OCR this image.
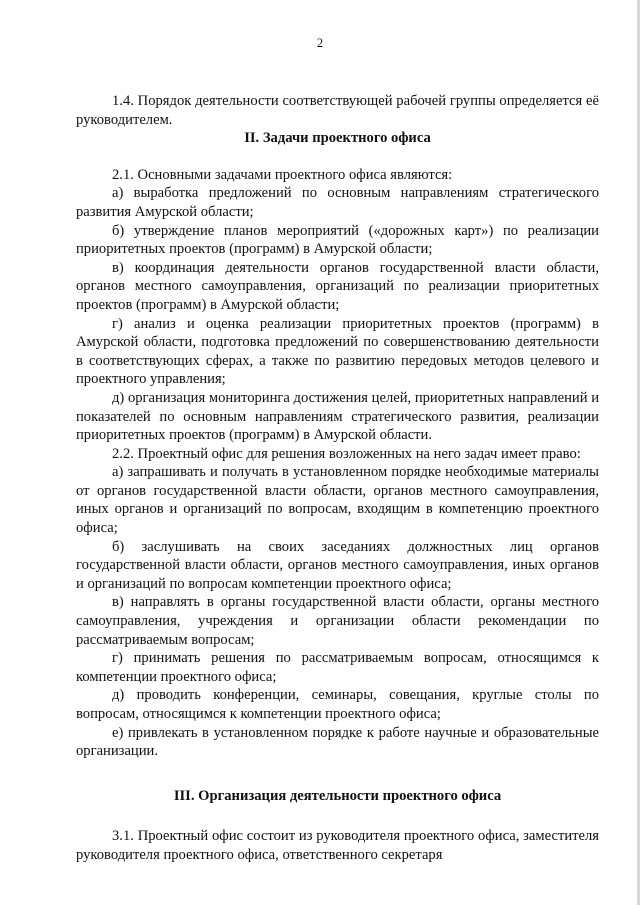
2

1.4. Порядок деятельности соответствующей рабочей группы определяется её руководителем.

II. Задачи проектного офиса

2.1. Основными задачами проектного офиса являются:

а) выработка предложений по основным направлениям стратегического развития Амурской области;

б) утверждение планов мероприятий («дорожных карт») по реализации приоритетных проектов (программ) в Амурской области;

в) координация деятельности органов государственной власти области, органов местного самоуправления, организаций по реализации приоритетных проектов (программ) в Амурской области;

г) анализ и оценка реализации приоритетных проектов (программ) в Амурской области, подготовка предложений по совершенствованию деятельности в соответствующих сферах, а также по развитию передовых методов целевого и проектного управления;

д) организация мониторинга достижения целей, приоритетных направлений и показателей по основным направлениям стратегического развития, реализации приоритетных проектов (программ) в Амурской области.

2.2. Проектный офис для решения возложенных на него задач имеет право:

а) запрашивать и получать в установленном порядке необходимые материалы от органов государственной власти области, органов местного самоуправления, иных органов и организаций по вопросам, входящим в компетенцию проектного офиса;

б) заслушивать на своих заседаниях должностных лиц органов государственной власти области, органов местного самоуправления, иных органов и организаций по вопросам компетенции проектного офиса;

в) направлять в органы государственной власти области, органы местного самоуправления, учреждения и организации области рекомендации по рассматриваемым вопросам;

г) принимать решения по рассматриваемым вопросам, относящимся к компетенции проектного офиса;

д) проводить конференции, семинары, совещания, круглые столы по вопросам, относящимся к компетенции проектного офиса;

е) привлекать в установленном порядке к работе научные и образовательные организации.

III. Организация деятельности проектного офиса

3.1. Проектный офис состоит из руководителя проектного офиса, заместителя руководителя проектного офиса, ответственного секретаря
